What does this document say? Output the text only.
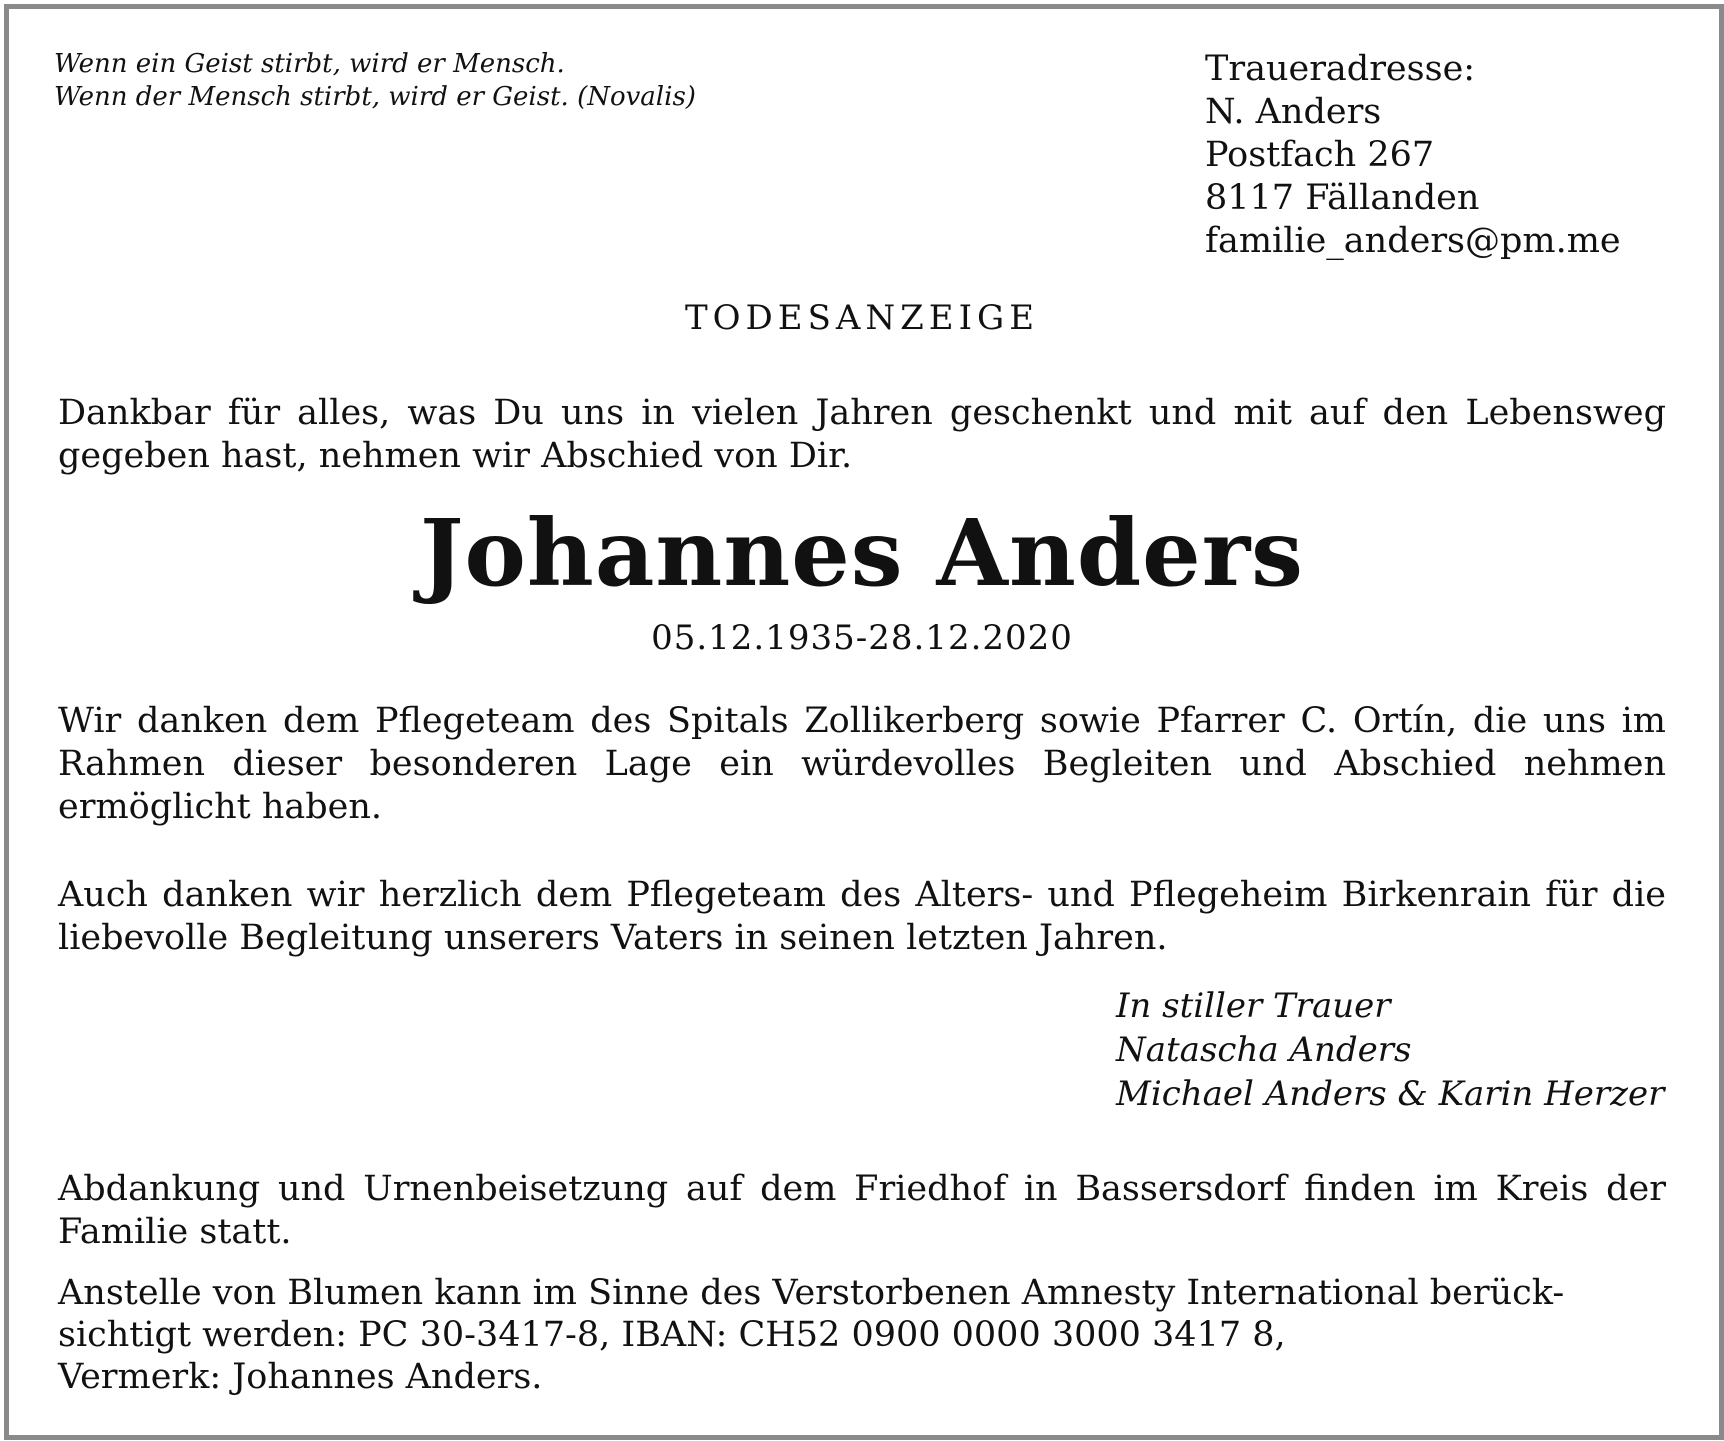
Wenn ein Geist stirbt, wird er Mensch.
Wenn der Mensch stirbt, wird er Geist. (Novalis)
Traueradresse:
N. Anders
Postfach 267
8117 Fällanden
familie_anders@pm.me
TODESANZEIGE
Dankbar für alles, was Du uns in vielen Jahren geschenkt und mit auf den Lebensweg gegeben hast, nehmen wir Abschied von Dir.
Johannes Anders
05.12.1935-28.12.2020
Wir danken dem Pflegeteam des Spitals Zollikerberg sowie Pfarrer C. Ortín, die uns im Rahmen dieser besonderen Lage ein würdevolles Begleiten und Abschied nehmen ermöglicht haben.
Auch danken wir herzlich dem Pflegeteam des Alters- und Pflegeheim Birkenrain für die liebevolle Begleitung unserers Vaters in seinen letzten Jahren.
In stiller Trauer
Natascha Anders
Michael Anders & Karin Herzer
Abdankung und Urnenbeisetzung auf dem Friedhof in Bassersdorf finden im Kreis der Familie statt.
Anstelle von Blumen kann im Sinne des Verstorbenen Amnesty International berück-
sichtigt werden: PC 30-3417-8, IBAN: CH52 0900 0000 3000 3417 8,
Vermerk: Johannes Anders.
